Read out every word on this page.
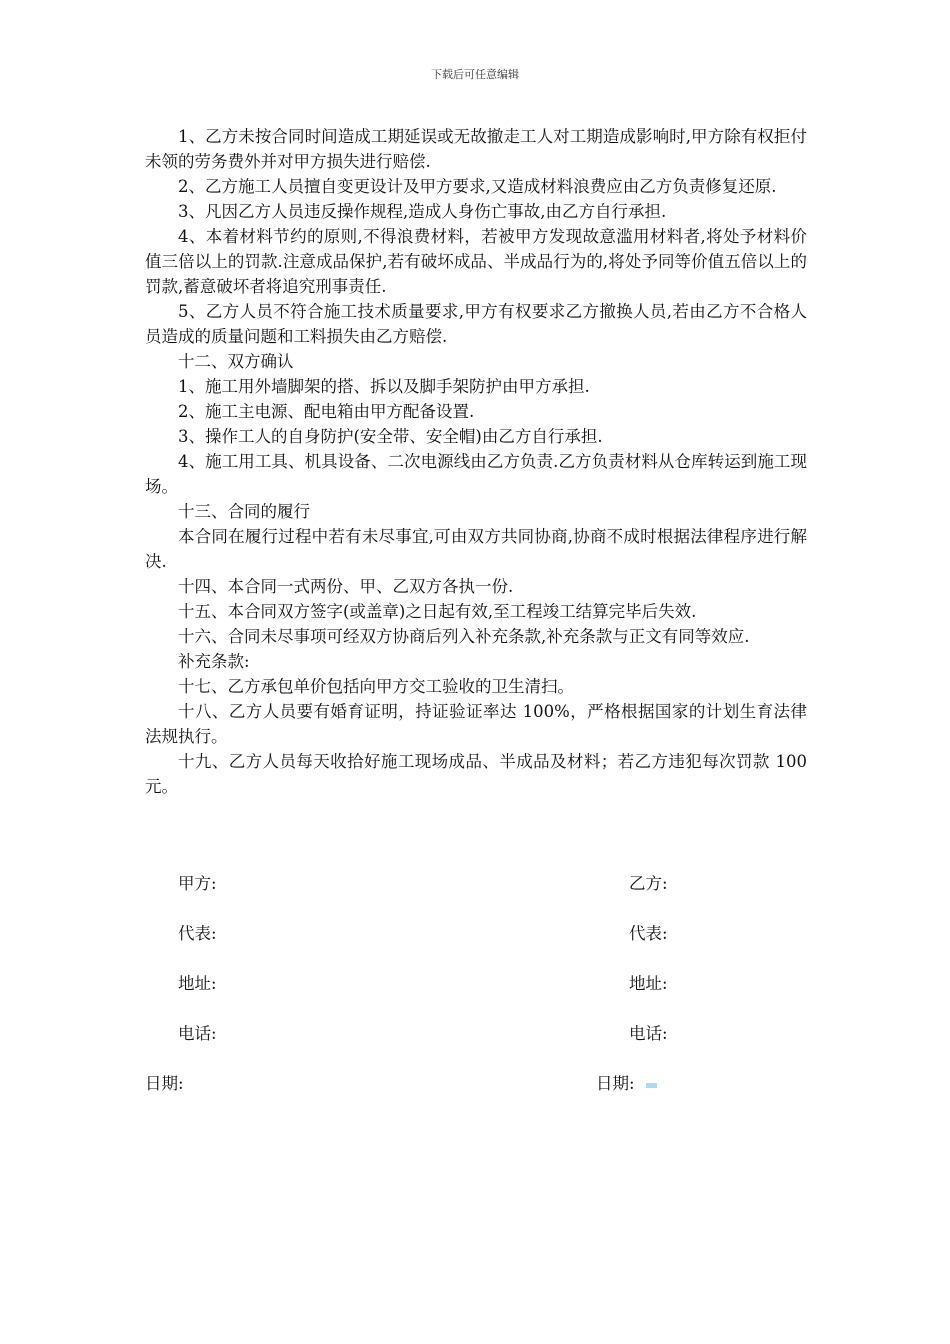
下载后可任意编辑

1、乙方未按合同时间造成工期延误或无故撤走工人对工期造成影响时,甲方除有权拒付未领的劳务费外并对甲方损失进行赔偿.

2、乙方施工人员擅自变更设计及甲方要求,又造成材料浪费应由乙方负责修复还原.

3、凡因乙方人员违反操作规程,造成人身伤亡事故,由乙方自行承担.

4、本着材料节约的原则,不得浪费材料，若被甲方发现故意滥用材料者,将处予材料价值三倍以上的罚款.注意成品保护,若有破坏成品、半成品行为的,将处予同等价值五倍以上的罚款,蓄意破坏者将追究刑事责任.

5、乙方人员不符合施工技术质量要求,甲方有权要求乙方撤换人员,若由乙方不合格人员造成的质量问题和工料损失由乙方赔偿.

十二、双方确认

1、施工用外墙脚架的搭、拆以及脚手架防护由甲方承担.

2、施工主电源、配电箱由甲方配备设置.

3、操作工人的自身防护(安全带、安全帽)由乙方自行承担.

4、施工用工具、机具设备、二次电源线由乙方负责.乙方负责材料从仓库转运到施工现场。

十三、合同的履行

本合同在履行过程中若有未尽事宜,可由双方共同协商,协商不成时根据法律程序进行解决.

十四、本合同一式两份、甲、乙双方各执一份.

十五、本合同双方签字(或盖章)之日起有效,至工程竣工结算完毕后失效.

十六、合同未尽事项可经双方协商后列入补充条款,补充条款与正文有同等效应.

补充条款:

十七、乙方承包单价包括向甲方交工验收的卫生清扫。

十八、乙方人员要有婚育证明，持证验证率达 100%，严格根据国家的计划生育法律法规执行。

十九、乙方人员每天收拾好施工现场成品、半成品及材料；若乙方违犯每次罚款 100 元。

甲方:	乙方:
代表:	代表:
地址:	地址:
电话:	电话:
日期:	日期:
